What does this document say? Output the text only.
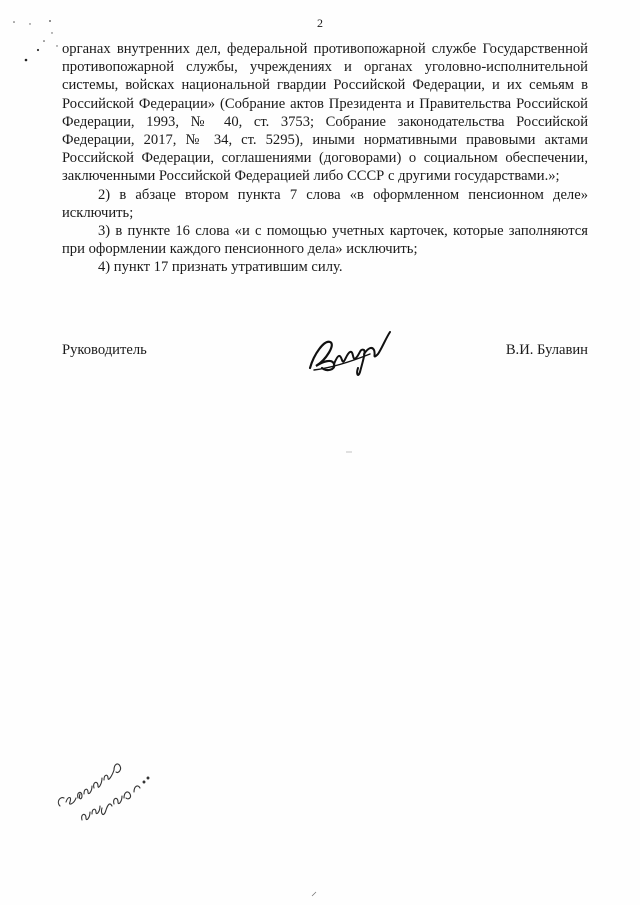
2

органах внутренних дел, федеральной противопожарной службе Государственной противопожарной службы, учреждениях и органах уголовно-исполнительной системы, войсках национальной гвардии Российской Федерации, и их семьям в Российской Федерации» (Собрание актов Президента и Правительства Российской Федерации, 1993, № 40, ст. 3753; Собрание законодательства Российской Федерации, 2017, № 34, ст. 5295), иными нормативными правовыми актами Российской Федерации, соглашениями (договорами) о социальном обеспечении, заключенными Российской Федерацией либо СССР с другими государствами.»;

2) в абзаце втором пункта 7 слова «в оформленном пенсионном деле» исключить;

3) в пункте 16 слова «и с помощью учетных карточек, которые заполняются при оформлении каждого пенсионного дела» исключить;

4) пункт 17 признать утратившим силу.

Руководитель	В.И. Булавин
